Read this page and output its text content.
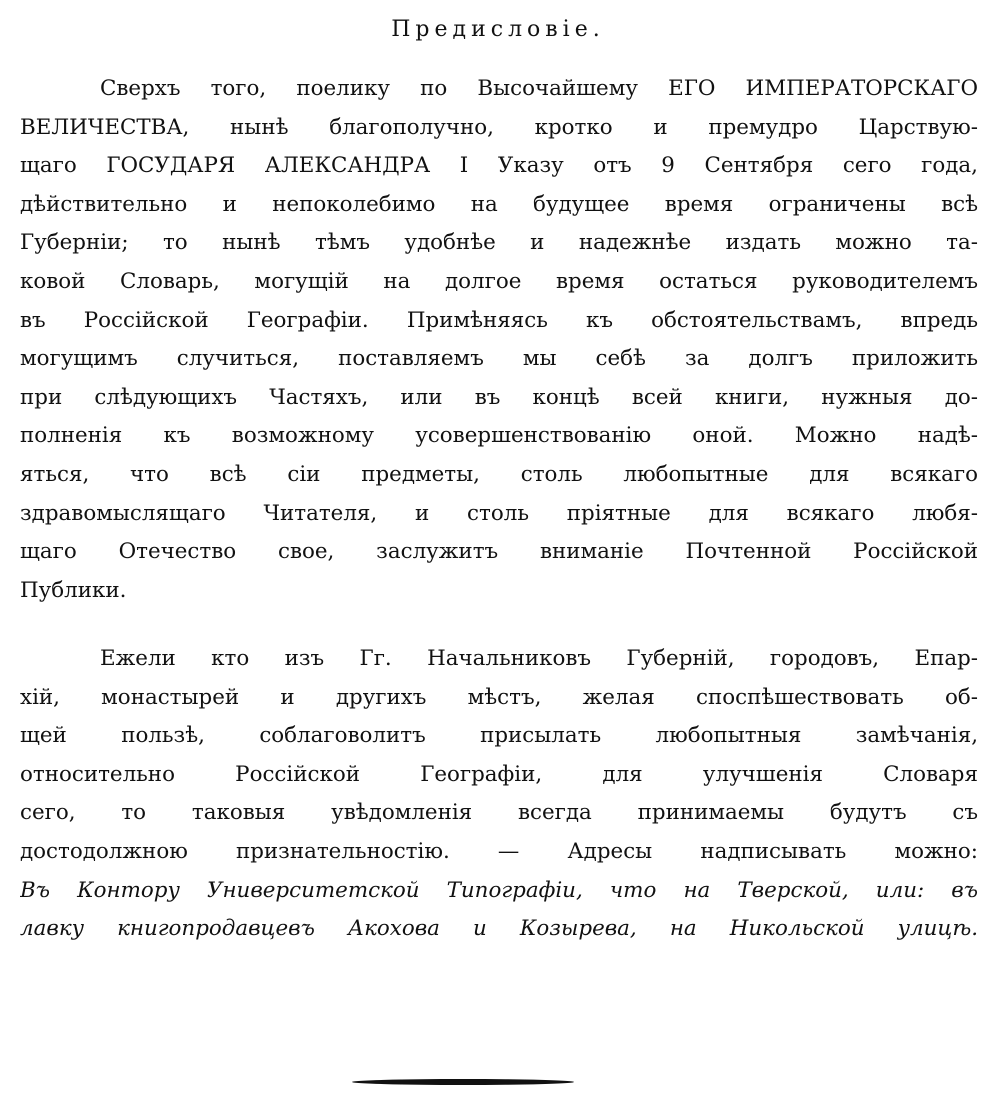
Предисловіе.
Сверхъ того, поелику по Высочайшему ЕГО ИМПЕРАТОРСКАГО
ВЕЛИЧЕСТВА, нынѣ благополучно, кротко и премудро Царствую-
щаго ГОСУДАРЯ АЛЕКСАНДРА I Указу отъ 9 Сентября сего года,
дѣйствительно и непоколебимо на будущее время ограничены всѣ
Губерніи; то нынѣ тѣмъ удобнѣе и надежнѣе издать можно та-
ковой Словарь, могущій на долгое время остаться руководителемъ
въ Россійской Географіи. Примѣняясь къ обстоятельствамъ, впредь
могущимъ случиться, поставляемъ мы себѣ за долгъ приложить
при слѣдующихъ Частяхъ, или въ концѣ всей книги, нужныя до-
полненія къ возможному усовершенствованію оной. Можно надѣ-
яться, что всѣ сіи предметы, столь любопытные для всякаго
здравомыслящаго Читателя, и столь пріятные для всякаго любя-
щаго Отечество свое, заслужитъ вниманіе Почтенной Россійской
Публики.
Ежели кто изъ Гг. Начальниковъ Губерній, городовъ, Епар-
хій, монастырей и другихъ мѣстъ, желая споспѣшествовать об-
щей пользѣ, соблаговолитъ присылать любопытныя замѣчанія,
относительно Россійской Географіи, для улучшенія Словаря
сего, то таковыя увѣдомленія всегда принимаемы будутъ съ
достодолжною признательностію. — Адресы надписывать можно:
Въ Контору Университетской Типографіи, что на Тверской, или: въ
лавку книгопродавцевъ Акохова и Козырева, на Никольской улицѣ.
